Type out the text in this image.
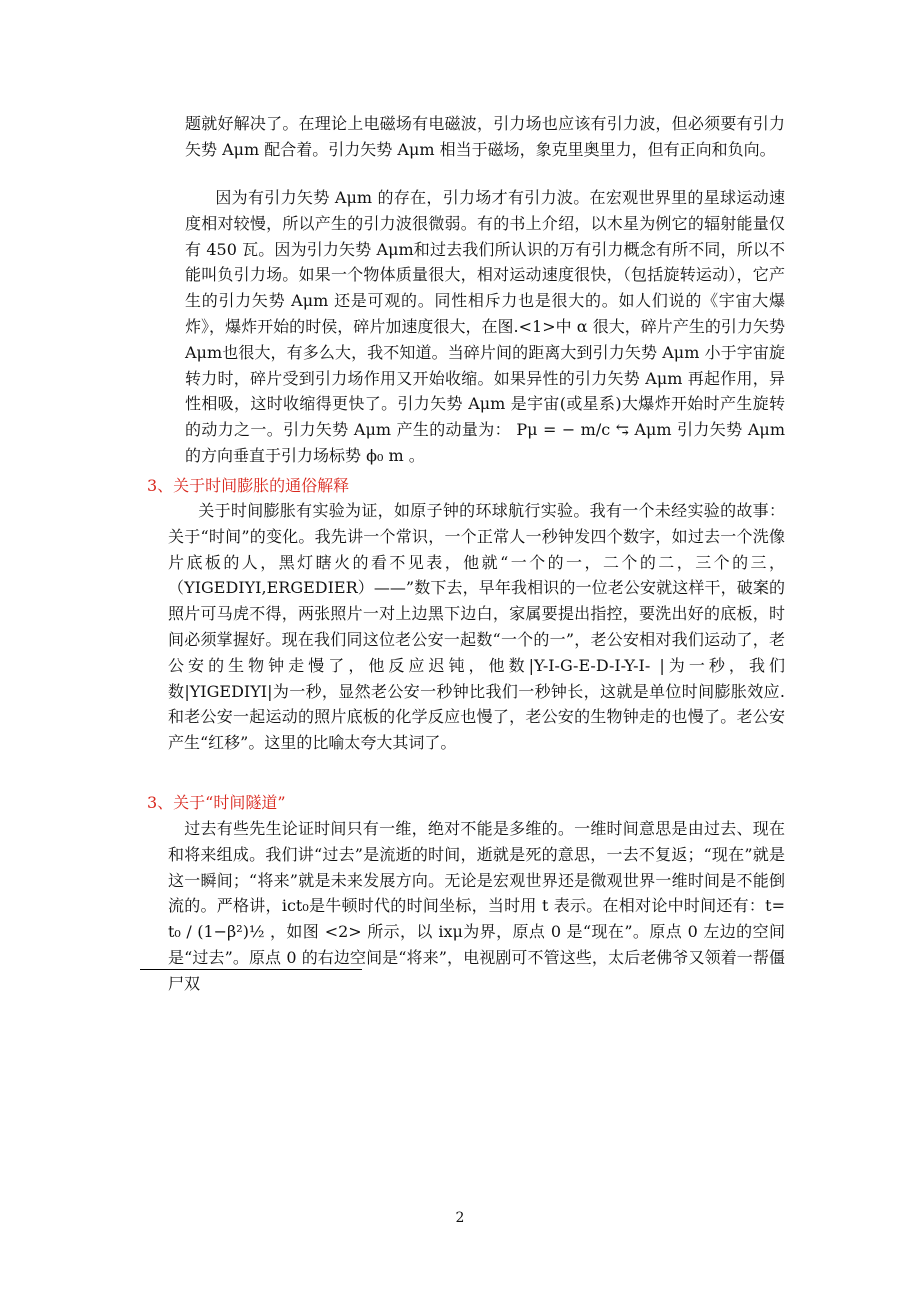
题就好解决了。在理论上电磁场有电磁波，引力场也应该有引力波，但必须要有引力矢势 Aμm 配合着。引力矢势 Aμm 相当于磁场，象克里奥里力，但有正向和负向。

因为有引力矢势 Aμm 的存在，引力场才有引力波。在宏观世界里的星球运动速度相对较慢，所以产生的引力波很微弱。有的书上介绍，以木星为例它的辐射能量仅有 450 瓦。因为引力矢势 Aμm和过去我们所认识的万有引力概念有所不同，所以不能叫负引力场。如果一个物体质量很大，相对运动速度很快，（包括旋转运动），它产生的引力矢势 Aμm 还是可观的。同性相斥力也是很大的。如人们说的《宇宙大爆炸》，爆炸开始的时侯，碎片加速度很大，在图.<1>中 α 很大，碎片产生的引力矢势 Aμm也很大，有多么大，我不知道。当碎片间的距离大到引力矢势 Aμm 小于宇宙旋转力时，碎片受到引力场作用又开始收缩。如果异性的引力矢势 Aμm 再起作用，异性相吸，这时收缩得更快了。引力矢势 Aμm 是宇宙(或星系)大爆炸开始时产生旋转的动力之一。引力矢势 Aμm 产生的动量为： Pμ = − m/c ⥃ Aμm 引力矢势 Aμm的方向垂直于引力场标势 ϕ₀ m 。

3、关于时间膨胀的通俗解释

关于时间膨胀有实验为证，如原子钟的环球航行实验。我有一个未经实验的故事：关于“时间”的变化。我先讲一个常识，一个正常人一秒钟发四个数字，如过去一个洗像片底板的人，黑灯瞎火的看不见表，他就“一个的一，二个的二，三个的三，（YIGEDIYI,ERGEDIER）——”数下去，早年我相识的一位老公安就这样干，破案的照片可马虎不得，两张照片一对上边黑下边白，家属要提出指控，要洗出好的底板，时间必须掌握好。现在我们同这位老公安一起数“一个的一”，老公安相对我们运动了，老公安的生物钟走慢了，他反应迟钝，他数|Y-I-G-E-D-I-Y-I- |为一秒，我们数|YIGEDIYI|为一秒，显然老公安一秒钟比我们一秒钟长，这就是单位时间膨胀效应.和老公安一起运动的照片底板的化学反应也慢了，老公安的生物钟走的也慢了。老公安产生“红移”。这里的比喻太夸大其词了。

3、关于“时间隧道”

过去有些先生论证时间只有一维，绝对不能是多维的。一维时间意思是由过去、现在和将来组成。我们讲“过去”是流逝的时间，逝就是死的意思，一去不复返；“现在”就是这一瞬间；“将来”就是未来发展方向。无论是宏观世界还是微观世界一维时间是不能倒流的。严格讲，ict₀是牛顿时代的时间坐标，当时用 t 表示。在相对论中时间还有：t= t₀ / (1−β²)½ ，如图 <2> 所示，以 ixμ为界，原点 0 是“现在”。原点 0 左边的空间是“过去”。原点 0 的右边空间是“将来”，电视剧可不管这些，太后老佛爷又领着一帮僵尸双

2
